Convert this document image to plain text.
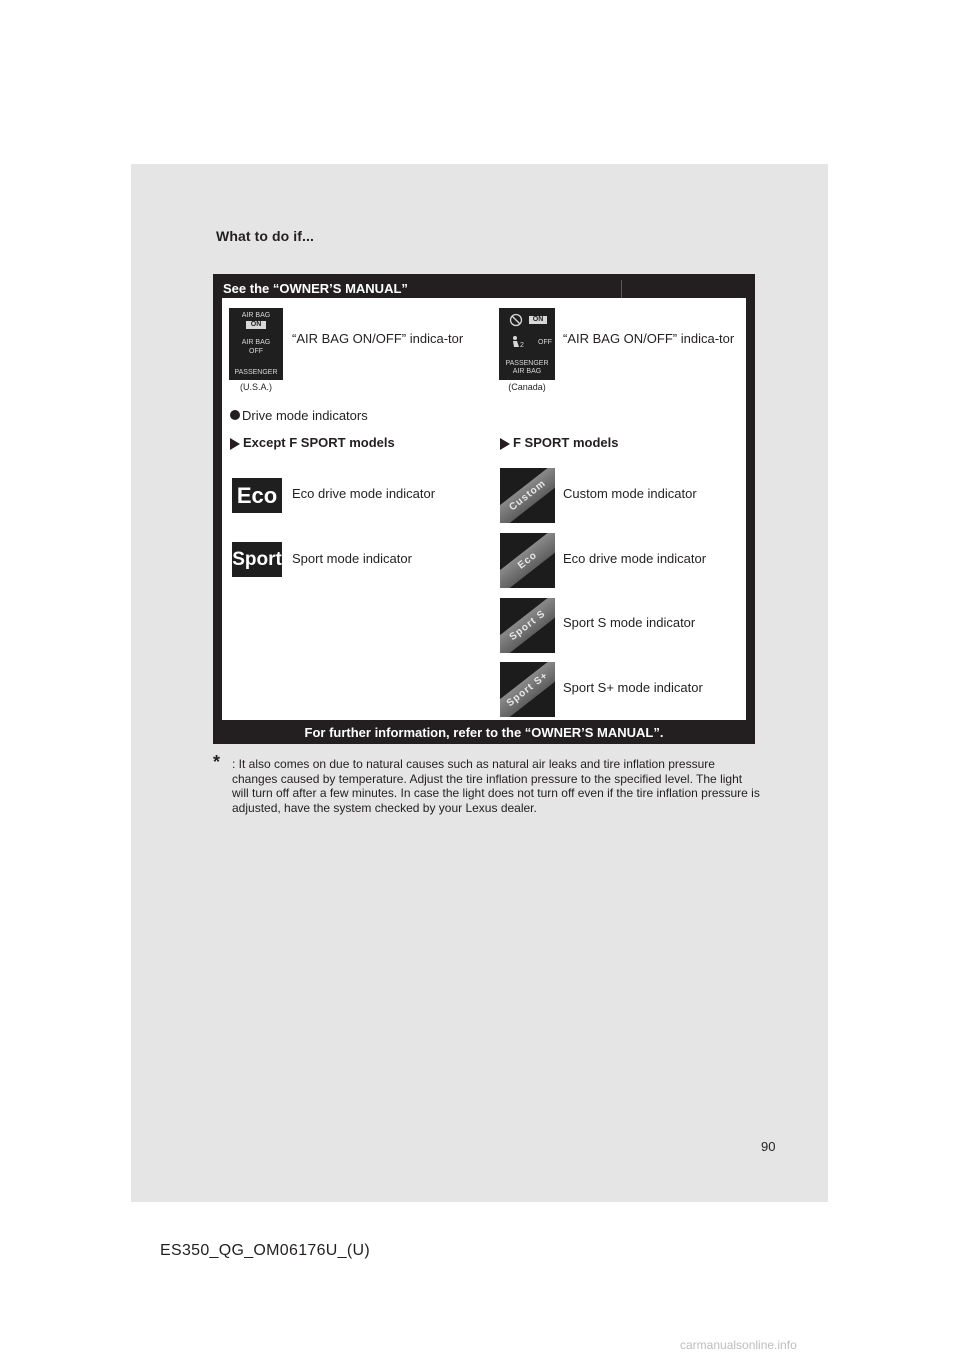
What to do if...
See the “OWNER’S MANUAL”
AIR BAG
ON
AIR BAG
OFF
PASSENGER
(U.S.A.)
“AIR BAG ON/OFF” indica-tor
ON
2	OFF
PASSENGER
AIR BAG
(Canada)
“AIR BAG ON/OFF” indica-tor
Drive mode indicators
Except F SPORT models	F SPORT models
Eco	Eco drive mode indicator
Sport Sport mode indicator
Custom	Custom mode indicator
Eco	Eco drive mode indicator
Sport S	Sport S mode indicator
Sport S+ Sport S+ mode indicator
For further information, refer to the “OWNER’S MANUAL”.
* : It also comes on due to natural causes such as natural air leaks and tire inflation pressure changes caused by temperature. Adjust the tire inflation pressure to the specified level. The light will turn off after a few minutes. In case the light does not turn off even if the tire inflation pressure is adjusted, have the system checked by your Lexus dealer.
90
ES350_QG_OM06176U_(U)
carmanualsonline.info
